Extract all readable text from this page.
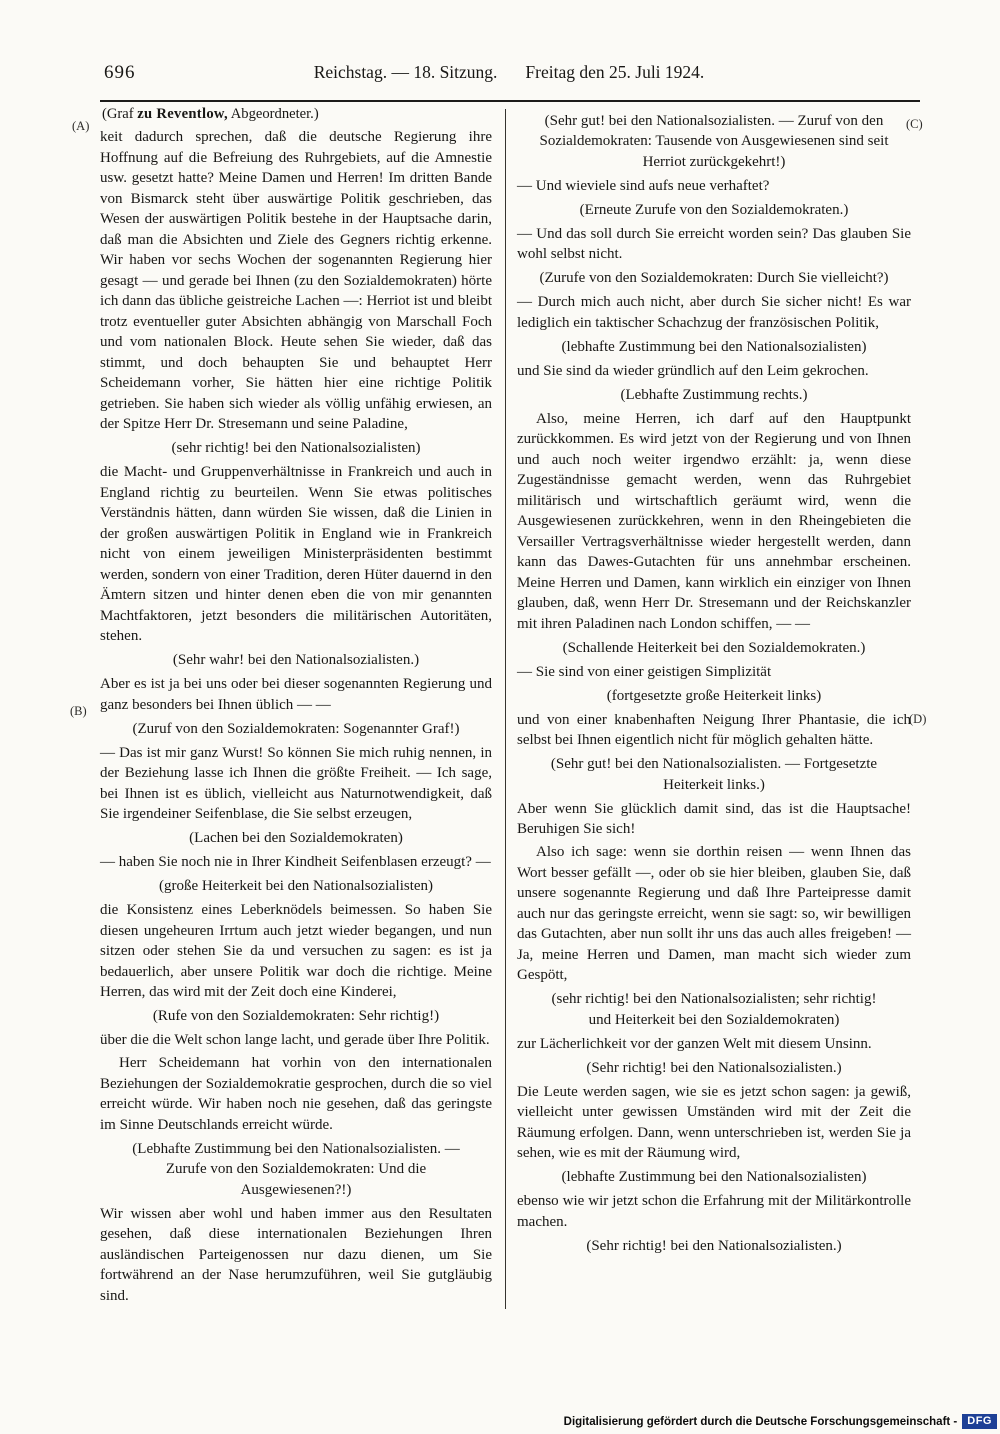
696	Reichstag. — 18. Sitzung. Freitag den 25. Juli 1924.
(A)
(B)
(C)
(D)
(Graf zu Reventlow, Abgeordneter.)
keit dadurch sprechen, daß die deutsche Regierung ihre Hoffnung auf die Befreiung des Ruhrgebiets, auf die Amnestie usw. gesetzt hatte? Meine Damen und Herren! Im dritten Bande von Bismarck steht über auswärtige Politik geschrieben, das Wesen der auswärtigen Politik bestehe in der Hauptsache darin, daß man die Absichten und Ziele des Gegners richtig erkenne. Wir haben vor sechs Wochen der sogenannten Regierung hier gesagt — und gerade bei Ihnen (zu den Sozialdemokraten) hörte ich dann das übliche geistreiche Lachen —: Herriot ist und bleibt trotz eventueller guter Absichten abhängig von Marschall Foch und vom nationalen Block. Heute sehen Sie wieder, daß das stimmt, und doch behaupten Sie und behauptet Herr Scheidemann vorher, Sie hätten hier eine richtige Politik getrieben. Sie haben sich wieder als völlig unfähig erwiesen, an der Spitze Herr Dr. Stresemann und seine Paladine,
(sehr richtig! bei den Nationalsozialisten)
die Macht- und Gruppenverhältnisse in Frankreich und auch in England richtig zu beurteilen. Wenn Sie etwas politisches Verständnis hätten, dann würden Sie wissen, daß die Linien in der großen auswärtigen Politik in England wie in Frankreich nicht von einem jeweiligen Ministerpräsidenten bestimmt werden, sondern von einer Tradition, deren Hüter dauernd in den Ämtern sitzen und hinter denen eben die von mir genannten Machtfaktoren, jetzt besonders die militärischen Autoritäten, stehen.
(Sehr wahr! bei den Nationalsozialisten.)
Aber es ist ja bei uns oder bei dieser sogenannten Regierung und ganz besonders bei Ihnen üblich — —
(Zuruf von den Sozialdemokraten: Sogenannter Graf!)
— Das ist mir ganz Wurst! So können Sie mich ruhig nennen, in der Beziehung lasse ich Ihnen die größte Freiheit. — Ich sage, bei Ihnen ist es üblich, vielleicht aus Naturnotwendigkeit, daß Sie irgendeiner Seifenblase, die Sie selbst erzeugen,
(Lachen bei den Sozialdemokraten)
— haben Sie noch nie in Ihrer Kindheit Seifenblasen erzeugt? —
(große Heiterkeit bei den Nationalsozialisten)
die Konsistenz eines Leberknödels beimessen. So haben Sie diesen ungeheuren Irrtum auch jetzt wieder begangen, und nun sitzen oder stehen Sie da und versuchen zu sagen: es ist ja bedauerlich, aber unsere Politik war doch die richtige. Meine Herren, das wird mit der Zeit doch eine Kinderei,
(Rufe von den Sozialdemokraten: Sehr richtig!)
über die die Welt schon lange lacht, und gerade über Ihre Politik.
Herr Scheidemann hat vorhin von den internationalen Beziehungen der Sozialdemokratie gesprochen, durch die so viel erreicht würde. Wir haben noch nie gesehen, daß das geringste im Sinne Deutschlands erreicht würde.
(Lebhafte Zustimmung bei den Nationalsozialisten. — Zurufe von den Sozialdemokraten: Und die Ausgewiesenen?!)
Wir wissen aber wohl und haben immer aus den Resultaten gesehen, daß diese internationalen Beziehungen Ihren ausländischen Parteigenossen nur dazu dienen, um Sie fortwährend an der Nase herumzuführen, weil Sie gutgläubig sind.
(Sehr gut! bei den Nationalsozialisten. — Zuruf von den Sozialdemokraten: Tausende von Ausgewiesenen sind seit Herriot zurückgekehrt!)
— Und wieviele sind aufs neue verhaftet?
(Erneute Zurufe von den Sozialdemokraten.)
— Und das soll durch Sie erreicht worden sein? Das glauben Sie wohl selbst nicht.
(Zurufe von den Sozialdemokraten: Durch Sie vielleicht?)
— Durch mich auch nicht, aber durch Sie sicher nicht! Es war lediglich ein taktischer Schachzug der französischen Politik,
(lebhafte Zustimmung bei den Nationalsozialisten)
und Sie sind da wieder gründlich auf den Leim gekrochen.
(Lebhafte Zustimmung rechts.)
Also, meine Herren, ich darf auf den Hauptpunkt zurückkommen. Es wird jetzt von der Regierung und von Ihnen und auch noch weiter irgendwo erzählt: ja, wenn diese Zugeständnisse gemacht werden, wenn das Ruhrgebiet militärisch und wirtschaftlich geräumt wird, wenn die Ausgewiesenen zurückkehren, wenn in den Rheingebieten die Versailler Vertragsverhältnisse wieder hergestellt werden, dann kann das Dawes-Gutachten für uns annehmbar erscheinen. Meine Herren und Damen, kann wirklich ein einziger von Ihnen glauben, daß, wenn Herr Dr. Stresemann und der Reichskanzler mit ihren Paladinen nach London schiffen, — —
(Schallende Heiterkeit bei den Sozialdemokraten.)
— Sie sind von einer geistigen Simplizität
(fortgesetzte große Heiterkeit links)
und von einer knabenhaften Neigung Ihrer Phantasie, die ich selbst bei Ihnen eigentlich nicht für möglich gehalten hätte.
(Sehr gut! bei den Nationalsozialisten. — Fortgesetzte Heiterkeit links.)
Aber wenn Sie glücklich damit sind, das ist die Hauptsache! Beruhigen Sie sich!
Also ich sage: wenn sie dorthin reisen — wenn Ihnen das Wort besser gefällt —, oder ob sie hier bleiben, glauben Sie, daß unsere sogenannte Regierung und daß Ihre Parteipresse damit auch nur das geringste erreicht, wenn sie sagt: so, wir bewilligen das Gutachten, aber nun sollt ihr uns das auch alles freigeben! — Ja, meine Herren und Damen, man macht sich wieder zum Gespött,
(sehr richtig! bei den Nationalsozialisten; sehr richtig! und Heiterkeit bei den Sozialdemokraten)
zur Lächerlichkeit vor der ganzen Welt mit diesem Unsinn.
(Sehr richtig! bei den Nationalsozialisten.)
Die Leute werden sagen, wie sie es jetzt schon sagen: ja gewiß, vielleicht unter gewissen Umständen wird mit der Zeit die Räumung erfolgen. Dann, wenn unterschrieben ist, werden Sie ja sehen, wie es mit der Räumung wird,
(lebhafte Zustimmung bei den Nationalsozialisten)
ebenso wie wir jetzt schon die Erfahrung mit der Militärkontrolle machen.
(Sehr richtig! bei den Nationalsozialisten.)
Digitalisierung gefördert durch die Deutsche Forschungsgemeinschaft - DFG
